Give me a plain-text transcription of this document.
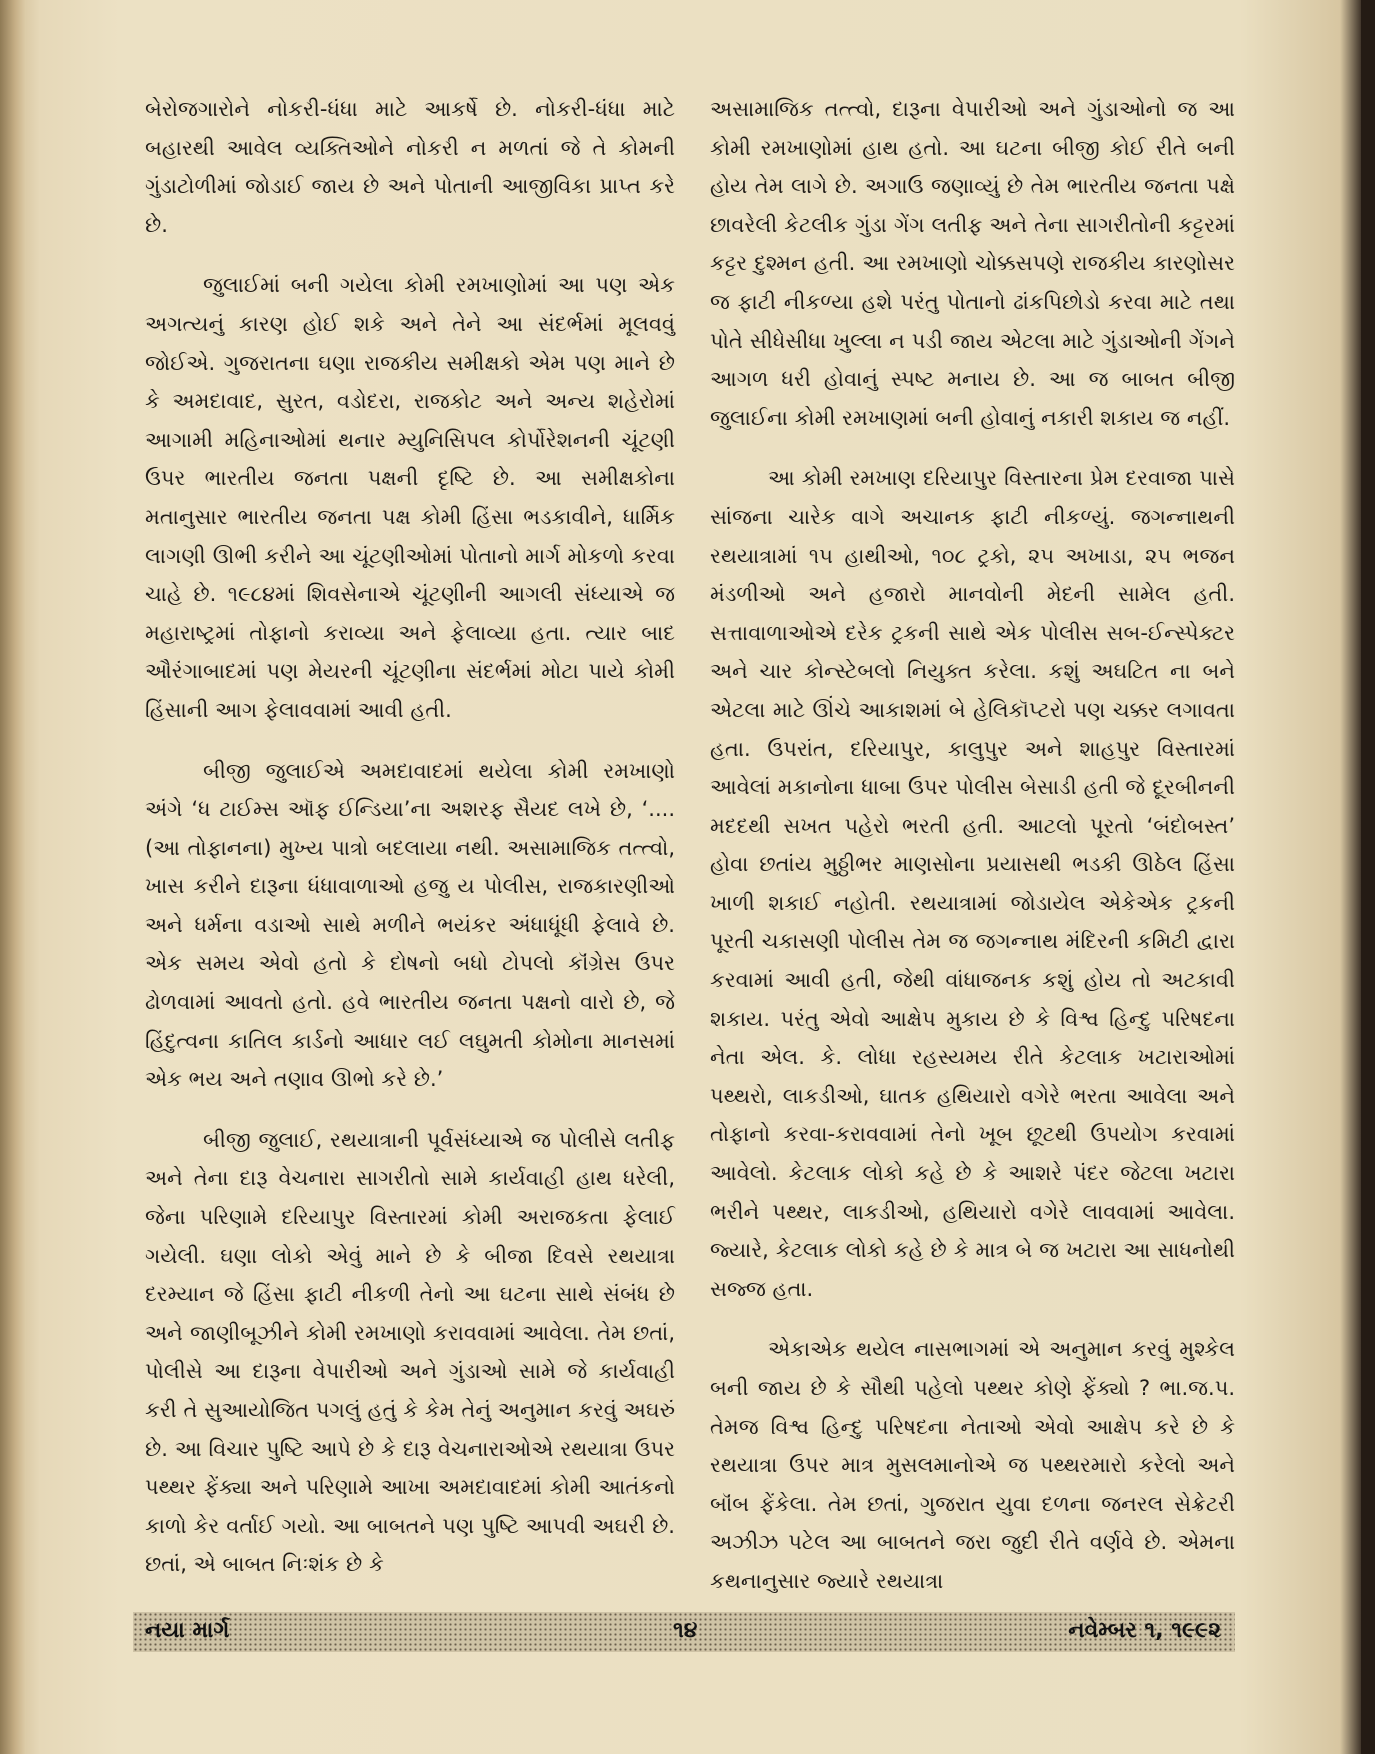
બેરોજગારોને નોકરી-ધંધા માટે આકર્ષે છે. નોકરી-ધંધા માટે બહારથી આવેલ વ્યક્તિઓને નોકરી ન મળતાં જે તે કોમની ગુંડાટોળીમાં જોડાઈ જાય છે અને પોતાની આજીવિકા પ્રાપ્ત કરે છે.

જુલાઈમાં બની ગયેલા કોમી રમખાણોમાં આ પણ એક અગત્યનું કારણ હોઈ શકે અને તેને આ સંદર્ભમાં મૂલવવું જોઈએ. ગુજરાતના ઘણા રાજકીય સમીક્ષકો એમ પણ માને છે કે અમદાવાદ, સુરત, વડોદરા, રાજકોટ અને અન્ય શહેરોમાં આગામી મહિનાઓમાં થનાર મ્યુનિસિપલ કોર્પોરેશનની ચૂંટણી ઉપર ભારતીય જનતા પક્ષની દૃષ્ટિ છે. આ સમીક્ષકોના મતાનુસાર ભારતીય જનતા પક્ષ કોમી હિંસા ભડકાવીને, ધાર્મિક લાગણી ઊભી કરીને આ ચૂંટણીઓમાં પોતાનો માર્ગ મોકળો કરવા ચાહે છે. ૧૯૮૪માં શિવસેનાએ ચૂંટણીની આગલી સંધ્યાએ જ મહારાષ્ટ્રમાં તોફાનો કરાવ્યા અને ફેલાવ્યા હતા. ત્યાર બાદ ઔરંગાબાદમાં પણ મેયરની ચૂંટણીના સંદર્ભમાં મોટા પાયે કોમી હિંસાની આગ ફેલાવવામાં આવી હતી.

બીજી જુલાઈએ અમદાવાદમાં થયેલા કોમી રમખાણો અંગે ‘ધ ટાઈમ્સ ઑફ ઈન્ડિયા’ના અશરફ સૈયદ લખે છે, ‘....(આ તોફાનના) મુખ્ય પાત્રો બદલાયા નથી. અસામાજિક તત્ત્વો, ખાસ કરીને દારૂના ધંધાવાળાઓ હજુ ય પોલીસ, રાજકારણીઓ અને ધર્મના વડાઓ સાથે મળીને ભયંકર અંધાધૂંધી ફેલાવે છે. એક સમય એવો હતો કે દોષનો બધો ટોપલો કૉંગ્રેસ ઉપર ઢોળવામાં આવતો હતો. હવે ભારતીય જનતા પક્ષનો વારો છે, જે હિંદુત્વના કાતિલ કાર્ડનો આધાર લઈ લઘુમતી કોમોના માનસમાં એક ભય અને તણાવ ઊભો કરે છે.’

બીજી જુલાઈ, રથયાત્રાની પૂર્વસંધ્યાએ જ પોલીસે લતીફ અને તેના દારૂ વેચનારા સાગરીતો સામે કાર્યવાહી હાથ ધરેલી, જેના પરિણામે દરિયાપુર વિસ્તારમાં કોમી અરાજકતા ફેલાઈ ગયેલી. ઘણા લોકો એવું માને છે કે બીજા દિવસે રથયાત્રા દરમ્યાન જે હિંસા ફાટી નીકળી તેનો આ ઘટના સાથે સંબંધ છે અને જાણીબૂઝીને કોમી રમખાણો કરાવવામાં આવેલા. તેમ છતાં, પોલીસે આ દારૂના વેપારીઓ અને ગુંડાઓ સામે જે કાર્યવાહી કરી તે સુઆયોજિત પગલું હતું કે કેમ તેનું અનુમાન કરવું અઘરું છે. આ વિચાર પુષ્ટિ આપે છે કે દારૂ વેચનારાઓએ રથયાત્રા ઉપર પથ્થર ફેંક્યા અને પરિણામે આખા અમદાવાદમાં કોમી આતંકનો કાળો કેર વર્તાઈ ગયો. આ બાબતને પણ પુષ્ટિ આપવી અઘરી છે. છતાં, એ બાબત નિઃશંક છે કે

અસામાજિક તત્ત્વો, દારૂના વેપારીઓ અને ગુંડાઓનો જ આ કોમી રમખાણોમાં હાથ હતો. આ ઘટના બીજી કોઈ રીતે બની હોય તેમ લાગે છે. અગાઉ જણાવ્યું છે તેમ ભારતીય જનતા પક્ષે છાવરેલી કેટલીક ગુંડા ગેંગ લતીફ અને તેના સાગરીતોની કટ્ટરમાં કટ્ટર દુશ્મન હતી. આ રમખાણો ચોક્કસપણે રાજકીય કારણોસર જ ફાટી નીકળ્યા હશે પરંતુ પોતાનો ઢાંકપિછોડો કરવા માટે તથા પોતે સીધેસીધા ખુલ્લા ન પડી જાય એટલા માટે ગુંડાઓની ગેંગને આગળ ધરી હોવાનું સ્પષ્ટ મનાય છે. આ જ બાબત બીજી જુલાઈના કોમી રમખાણમાં બની હોવાનું નકારી શકાય જ નહીં.

આ કોમી રમખાણ દરિયાપુર વિસ્તારના પ્રેમ દરવાજા પાસે સાંજના ચારેક વાગે અચાનક ફાટી નીકળ્યું. જગન્નાથની રથયાત્રામાં ૧૫ હાથીઓ, ૧૦૮ ટ્રકો, ૨૫ અખાડા, ૨૫ ભજન મંડળીઓ અને હજારો માનવોની મેદની સામેલ હતી. સત્તાવાળાઓએ દરેક ટ્રકની સાથે એક પોલીસ સબ-ઈન્સ્પેક્ટર અને ચાર કોન્સ્ટેબલો નિયુક્ત કરેલા. કશું અઘટિત ના બને એટલા માટે ઊંચે આકાશમાં બે હેલિકૉપ્ટરો પણ ચક્કર લગાવતા હતા. ઉપરાંત, દરિયાપુર, કાલુપુર અને શાહપુર વિસ્તારમાં આવેલાં મકાનોના ધાબા ઉપર પોલીસ બેસાડી હતી જે દૂરબીનની મદદથી સખત પહેરો ભરતી હતી. આટલો પૂરતો ‘બંદોબસ્ત’ હોવા છતાંય મુઠ્ઠીભર માણસોના પ્રયાસથી ભડકી ઊઠેલ હિંસા ખાળી શકાઈ નહોતી. રથયાત્રામાં જોડાયેલ એકેએક ટ્રકની પૂરતી ચકાસણી પોલીસ તેમ જ જગન્નાથ મંદિરની કમિટી દ્વારા કરવામાં આવી હતી, જેથી વાંધાજનક કશું હોય તો અટકાવી શકાય. પરંતુ એવો આક્ષેપ મુકાય છે કે વિશ્વ હિન્દુ પરિષદના નેતા એલ. કે. લોધા રહસ્યમય રીતે કેટલાક ખટારાઓમાં પથ્થરો, લાકડીઓ, ઘાતક હથિયારો વગેરે ભરતા આવેલા અને તોફાનો કરવા-કરાવવામાં તેનો ખૂબ છૂટથી ઉપયોગ કરવામાં આવેલો. કેટલાક લોકો કહે છે કે આશરે પંદર જેટલા ખટારા ભરીને પથ્થર, લાકડીઓ, હથિયારો વગેરે લાવવામાં આવેલા. જ્યારે, કેટલાક લોકો કહે છે કે માત્ર બે જ ખટારા આ સાધનોથી સજ્જ હતા.

એકાએક થયેલ નાસભાગમાં એ અનુમાન કરવું મુશ્કેલ બની જાય છે કે સૌથી પહેલો પથ્થર કોણે ફેંક્યો ? ભા.જ.પ. તેમજ વિશ્વ હિન્દુ પરિષદના નેતાઓ એવો આક્ષેપ કરે છે કે રથયાત્રા ઉપર માત્ર મુસલમાનોએ જ પથ્થરમારો કરેલો અને બૉંબ ફેંકેલા. તેમ છતાં, ગુજરાત યુવા દળના જનરલ સેક્રેટરી અઝીઝ પટેલ આ બાબતને જરા જુદી રીતે વર્ણવે છે. એમના કથનાનુસાર જ્યારે રથયાત્રા

નયા માર્ગ	૧૪	નવેમ્બર ૧, ૧૯૯૨
